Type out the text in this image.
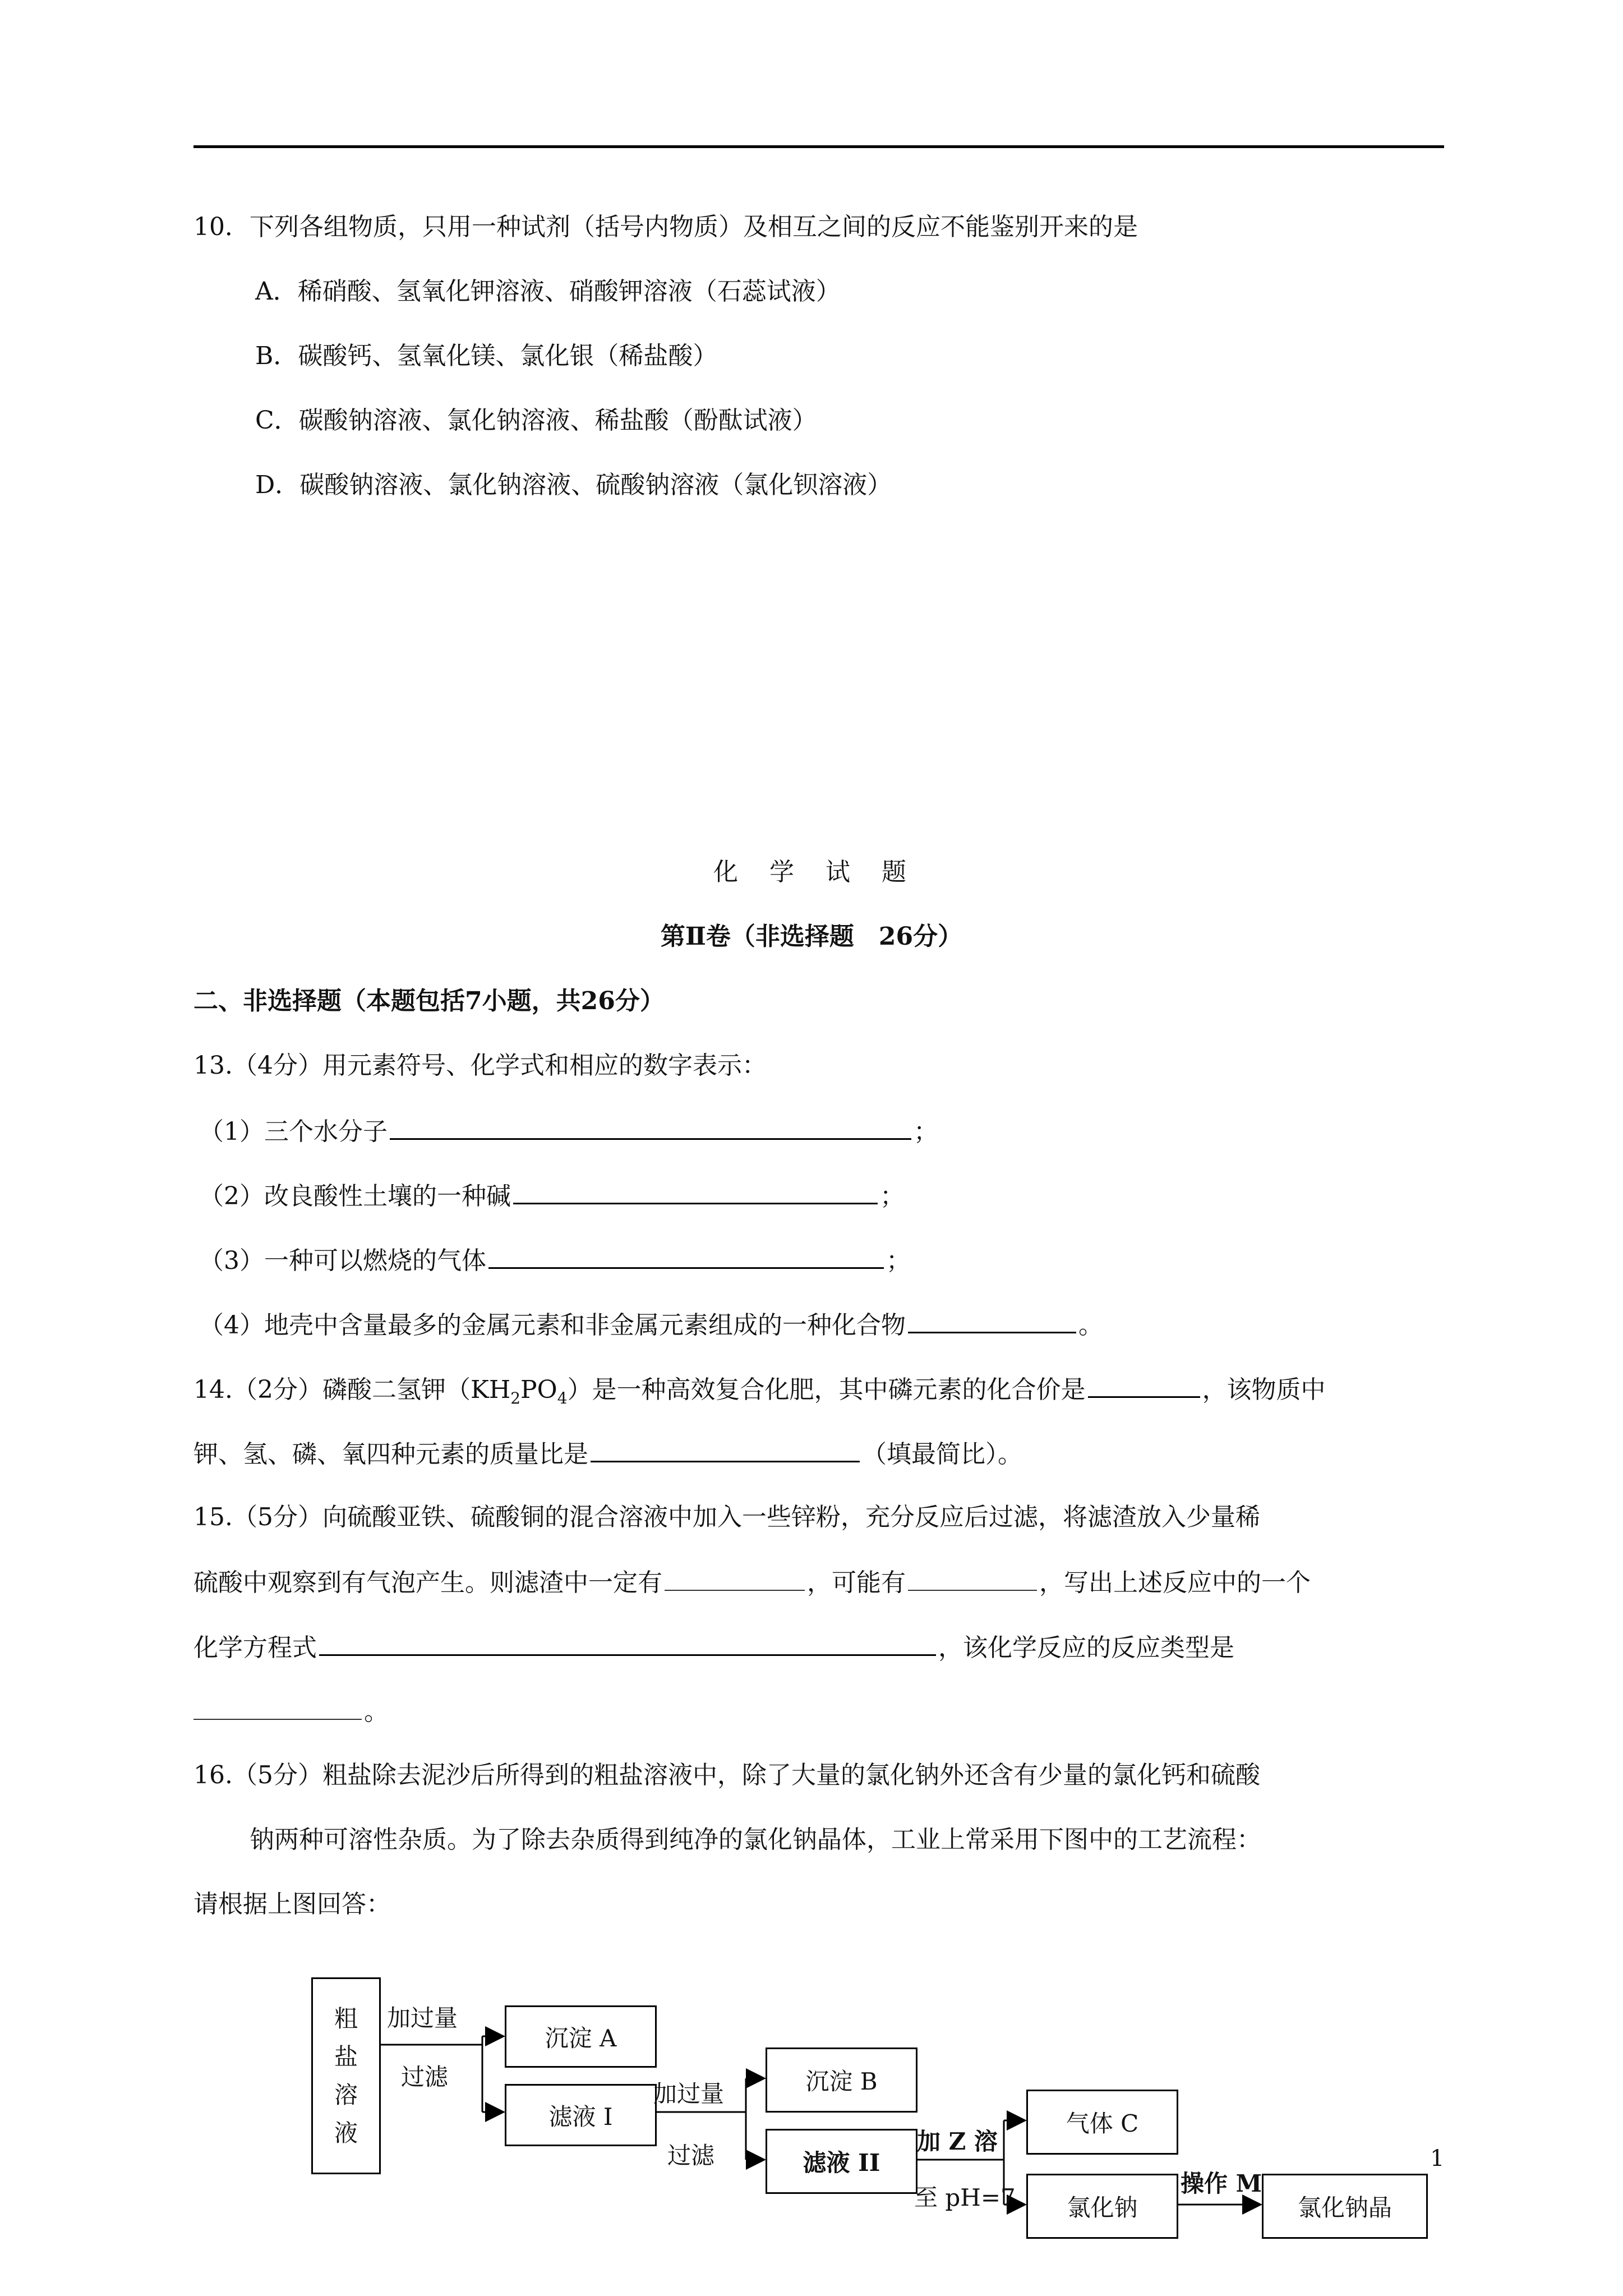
10．下列各组物质，只用一种试剂（括号内物质）及相互之间的反应不能鉴别开来的是
A．稀硝酸、氢氧化钾溶液、硝酸钾溶液（石蕊试液）
B．碳酸钙、氢氧化镁、氯化银（稀盐酸）
C．碳酸钠溶液、氯化钠溶液、稀盐酸（酚酞试液）
D．碳酸钠溶液、氯化钠溶液、硫酸钠溶液（氯化钡溶液）
化　学　试　题
第Ⅱ卷（非选择题　26分）
二、非选择题（本题包括7小题，共26分）
13.（4分）用元素符号、化学式和相应的数字表示：
（1）三个水分子	；
（2）改良酸性土壤的一种碱	；
（3）一种可以燃烧的气体	；
（4）地壳中含量最多的金属元素和非金属元素组成的一种化合物	。
14.（2分）磷酸二氢钾$(KH_2PO_4)$是一种高效复合化肥，其中磷元素的化合价是	，该物质中
钾、氢、磷、氧四种元素的质量比是	（填最简比）。
15.（5分）向硫酸亚铁、硫酸铜的混合溶液中加入一些锌粉，充分反应后过滤，将滤渣放入少量稀
硫酸中观察到有气泡产生。则滤渣中一定有	，可能有	，写出上述反应中的一个
化学方程式	，该化学反应的反应类型是
。
16.（5分）粗盐除去泥沙后所得到的粗盐溶液中，除了大量的氯化钠外还含有少量的氯化钙和硫酸
钠两种可溶性杂质。为了除去杂质得到纯净的氯化钠晶体，工业上常采用下图中的工艺流程：
请根据上图回答：
粗
盐
溶
液
加过量
过滤
沉淀 A
滤液 I
加过量
过滤
沉淀 B
滤液 II
加 Z 溶
至 pH=7
气体 C
氯化钠
操作 M
氯化钠晶
1
